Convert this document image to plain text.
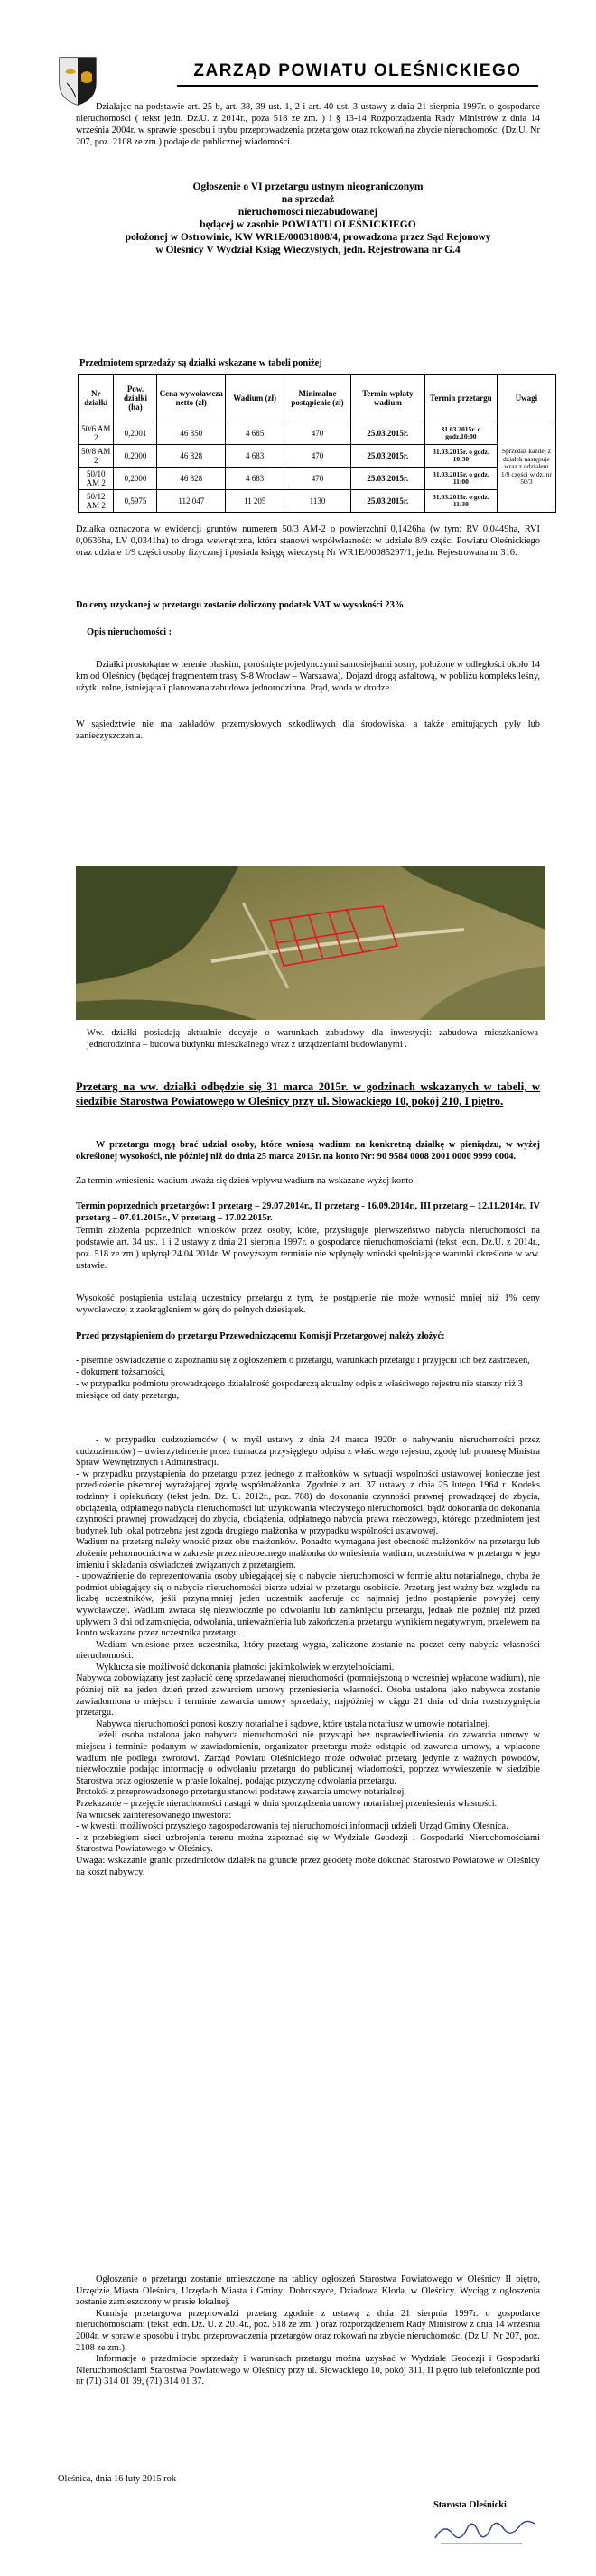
ZARZĄD POWIATU OLEŚNICKIEGO
Działając na podstawie art. 25 b, art. 38, 39 ust. 1, 2 i art. 40 ust. 3 ustawy z dnia 21 sierpnia 1997r. o gospodarce nieruchomości ( tekst jedn. Dz.U. z 2014r., poza 518 ze zm. ) i § 13-14 Rozporządzenia Rady Ministrów z dnia 14 września 2004r. w sprawie sposobu i trybu przeprowadzenia przetargów oraz rokowań na zbycie nieruchomości (Dz.U. Nr 207, poz. 2108 ze zm.) podaje do publicznej wiadomości.

Ogłoszenie o VI przetargu ustnym nieograniczonym

na sprzedaż

nieruchomości niezabudowanej

będącej w zasobie POWIATU OLEŚNICKIEGO

położonej w Ostrowinie, KW WR1E/00031808/4, prowadzona przez Sąd Rejonowy

w Oleśnicy V Wydział Ksiąg Wieczystych, jedn. Rejestrowana nr G.4

Przedmiotem sprzedaży są działki wskazane w tabeli poniżej
Nr działki	Pow. działki (ha)	Cena wywoławcza netto (zł)	Wadium (zł)	Minimalne postąpienie (zł)	Termin wpłaty wadium	Termin przetargu	Uwagi
50/6 AM 2	0,2001	46 850	4 685	470	25.03.2015r.	31.03.2015r. o godz.10:00	Sprzedaż każdej z działek następuje wraz z udziałem 1/9 części w dz. nr 50/3
50/8 AM 2	0,2000	46 828	4 683	470	25.03.2015r.	31.03.2015r. o godz. 10:30	
50/10 AM 2	0,2000	46 828	4 683	470	25.03.2015r.	31.03.2015r. o godz. 11:00	
50/12 AM 2	0,5975	112 047	11 205	1130	25.03.2015r.	31.03.2015r. o godz. 11:30	
Działka oznaczona w ewidencji gruntów numerem 50/3 AM-2 o powierzchni 0,1426ha (w tym: RV 0,0449ha, RVI 0,0636ha, LV 0,0341ha) to droga wewnętrzna, która stanowi współwłasność: w udziale 8/9 części Powiatu Oleśnickiego oraz udziale 1/9 części osoby fizycznej i posiada księgę wieczystą Nr WR1E/00085297/1, jedn. Rejestrowana nr 316.
Do ceny uzyskanej w przetargu zostanie doliczony podatek VAT w wysokości 23%
Opis nieruchomości :
Działki prostokątne w terenie płaskim, porośnięte pojedynczymi samosiejkami sosny, położone w odległości około 14 km od Oleśnicy (będącej fragmentem trasy S-8 Wrocław – Warszawa). Dojazd drogą asfaltową, w pobliżu kompleks leśny, użytki rolne, istniejąca i planowana zabudowa jednorodzinna. Prąd, woda w drodze.
W sąsiedztwie nie ma zakładów przemysłowych szkodliwych dla środowiska, a także emitujących pyły lub zanieczyszczenia.
Ww. działki posiadają aktualnie decyzje o warunkach zabudowy dla inwestycji: zabudowa mieszkaniowa jednorodzinna – budowa budynku mieszkalnego wraz z urządzeniami budowlanymi .
Przetarg na ww. działki odbędzie się 31 marca 2015r. w godzinach wskazanych w tabeli, w siedzibie Starostwa Powiatowego w Oleśnicy przy ul. Słowackiego 10, pokój 210, I piętro.
W przetargu mogą brać udział osoby, które wniosą wadium na konkretną działkę w pieniądzu, w wyżej określonej wysokości, nie później niż do dnia 25 marca 2015r. na konto Nr: 90 9584 0008 2001 0000 9999 0004.
Za termin wniesienia wadium uważa się dzień wpływu wadium na wskazane wyżej konto.
Termin poprzednich przetargów: I przetarg – 29.07.2014r., II przetarg - 16.09.2014r., III przetarg – 12.11.2014r., IV przetarg – 07.01.2015r., V przetarg – 17.02.2015r.
Termin złożenia poprzednich wniosków przez osoby, które, przysługuje pierwszeństwo nabycia nieruchomości na podstawie art. 34 ust. 1 i 2 ustawy z dnia 21 sierpnia 1997r. o gospodarce nieruchomościami (tekst jedn. Dz.U. z 2014r., poz. 518 ze zm.) upłynął 24.04.2014r. W powyższym terminie nie wpłynęły wnioski spełniające warunki określone w ww. ustawie.
Wysokość postąpienia ustalają uczestnicy przetargu z tym, że postąpienie nie może wynosić mniej niż 1% ceny wywoławczej z zaokrągleniem w górę do pełnych dziesiątek.
Przed przystąpieniem do przetargu Przewodniczącemu Komisji Przetargowej należy złożyć:

- pisemne oświadczenie o zapoznaniu się z ogłoszeniem o przetargu, warunkach przetargu i przyjęciu ich bez zastrzeżeń,

- dokument tożsamości,

- w przypadku podmiotu prowadzącego działalność gospodarczą aktualny odpis z właściwego rejestru nie starszy niż 3 miesiące od daty przetargu,

- w przypadku cudzoziemców ( w myśl ustawy z dnia 24 marca 1920r. o nabywaniu nieruchomości przez cudzoziemców) – uwierzytelnienie przez tłumacza przysięgłego odpisu z właściwego rejestru, zgodę lub promesę Ministra Spraw Wewnętrznych i Administracji.

- w przypadku przystąpienia do przetargu przez jednego z małżonków w sytuacji wspólności ustawowej konieczne jest przedłożenie pisemnej wyrażającej zgodę współmałżonka. Zgodnie z art. 37 ustawy z dnia 25 lutego 1964 r. Kodeks rodzinny i opiekuńczy (tekst jedn. Dz. U. 2012r., poz. 788) do dokonania czynności prawnej prowadzącej do zbycia, obciążenia, odpłatnego nabycia nieruchomości lub użytkowania wieczystego nieruchomości, bądź dokonania do dokonania czynności prawnej prowadzącej do zbycia, obciążenia, odpłatnego nabycia prawa rzeczowego, którego przedmiotem jest budynek lub lokal potrzebna jest zgoda drugiego małżonka w przypadku wspólności ustawowej.

Wadium na przetarg należy wnosić przez obu małżonków. Ponadto wymagana jest obecność małżonków na przetargu lub złożenie pełnomocnictwa w zakresie przez nieobecnego małżonka do wniesienia wadium, uczestnictwa w przetargu w jego imieniu i składania oświadczeń związanych z przetargiem.

- upoważnienie do reprezentowania osoby ubiegającej się o nabycie nieruchomości w formie aktu notarialnego, chyba że podmiot ubiegający się o nabycie nieruchomości bierze udział w przetargu osobiście. Przetarg jest ważny bez względu na liczbę uczestników, jeśli przynajmniej jeden uczestnik zaoferuje co najmniej jedno postąpienie powyżej ceny wywoławczej. Wadium zwraca się niezwłocznie po odwołaniu lub zamknięciu przetargu, jednak nie później niż przed upływem 3 dni od zamknięcia, odwołania, unieważnienia lub zakończenia przetargu wynikiem negatywnym, przelewem na konto wskazane przez uczestnika przetargu.

Wadium wniesione przez uczestnika, który przetarg wygra, zaliczone zostanie na poczet ceny nabycia własności nieruchomości.

Wyklucza się możliwość dokonania płatności jakimkolwiek wierzytelnościami.

Nabywca zobowiązany jest zapłacić cenę sprzedawanej nieruchomości (pomniejszoną o wcześniej wpłacone wadium), nie później niż na jeden dzień przed zawarciem umowy przeniesienia własności. Osoba ustalona jako nabywca zostanie zawiadomiona o miejscu i terminie zawarcia umowy sprzedaży, najpóźniej w ciągu 21 dnia od dnia rozstrzygnięcia przetargu.

Nabywca nieruchomości ponosi koszty notarialne i sądowe, które ustala notariusz w umowie notarialnej.

Jeżeli osoba ustalona jako nabywca nieruchomości nie przystąpi bez usprawiedliwienia do zawarcia umowy w miejscu i terminie podanym w zawiadomieniu, organizator przetargu może odstąpić od zawarcia umowy, a wpłacone wadium nie podlega zwrotowi. Zarząd Powiatu Oleśnickiego może odwołać przetarg jedynie z ważnych powodów, niezwłocznie podając informację o odwołaniu przetargu do publicznej wiadomości, poprzez wywieszenie w siedzibie Starostwa oraz ogłoszenie w prasie lokalnej, podając przyczynę odwołania przetargu.

Protokół z przeprowadzonego przetargu stanowi podstawę zawarcia umowy notarialnej.

Przekazanie – przejęcie nieruchomości nastąpi w dniu sporządzenia umowy notarialnej przeniesienia własności.

Na wniosek zainteresowanego inwestora:

- w kwestii możliwości przyszłego zagospodarowania tej nieruchomości informacji udzieli Urząd Gminy Oleśnica.

- z przebiegiem sieci uzbrojenia terenu można zapoznać się w Wydziale Geodezji i Gospodarki Nieruchomościami Starostwa Powiatowego w Oleśnicy.

Uwaga: wskazanie granic przedmiotów działek na gruncie przez geodetę może dokonać Starostwo Powiatowe w Oleśnicy na koszt nabywcy.

Ogłoszenie o przetargu zostanie umieszczone na tablicy ogłoszeń Starostwa Powiatowego w Oleśnicy II piętro, Urzędzie Miasta Oleśnica, Urzędach Miasta i Gminy: Dobroszyce, Dziadowa Kłoda. w Oleśnicy. Wyciąg z ogłoszenia zostanie zamieszczony w prasie lokalnej.

Komisja przetargowa przeprowadzi przetarg zgodnie z ustawą z dnia 21 sierpnia 1997r. o gospodarce nieruchomościami (tekst jedn. Dz. U. z 2014r., poz. 518 ze zm. ) oraz rozporządzeniem Rady Ministrów z dnia 14 września 2004r. w sprawie sposobu i trybu przeprowadzenia przetargów oraz rokowań na zbycie nieruchomości (Dz.U. Nr 207, poz. 2108 ze zm.).

Informacje o przedmiocie sprzedaży i warunkach przetargu można uzyskać w Wydziale Geodezji i Gospodarki Nieruchomościami Starostwa Powiatowego w Oleśnicy przy ul. Słowackiego 10, pokój 311, II piętro lub telefonicznie pod nr (71) 314 01 39, (71) 314 01 37.

Oleśnica, dnia 16 luty 2015 rok
Starosta Oleśnicki
